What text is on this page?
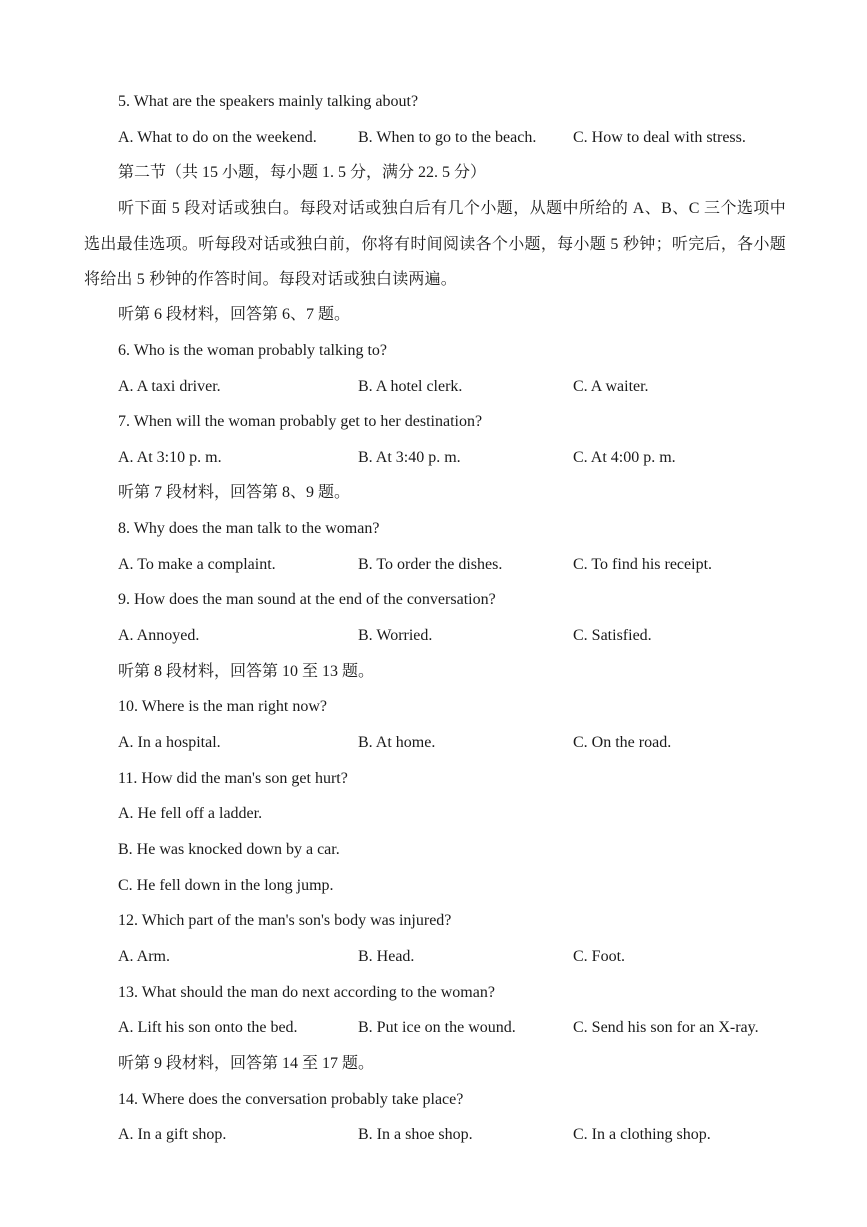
5. What are the speakers mainly talking about?
A. What to do on the weekend.	B. When to go to the beach. C. How to deal with stress.
第二节（共 15 小题，每小题 1. 5 分，满分 22. 5 分）
听下面 5 段对话或独白。每段对话或独白后有几个小题，从题中所给的 A、B、C 三个选项中选出最佳选项。听每段对话或独白前，你将有时间阅读各个小题，每小题 5 秒钟；听完后，各小题将给出 5 秒钟的作答时间。每段对话或独白读两遍。
听第 6 段材料，回答第 6、7 题。
6. Who is the woman probably talking to?
A. A taxi driver.	B. A hotel clerk.	C. A waiter.
7. When will the woman probably get to her destination?
A. At 3:10 p. m.	B. At 3:40 p. m.	C. At 4:00 p. m.
听第 7 段材料，回答第 8、9 题。
8. Why does the man talk to the woman?
A. To make a complaint.	B. To order the dishes.	C. To find his receipt.
9. How does the man sound at the end of the conversation?
A. Annoyed.	B. Worried.	C. Satisfied.
听第 8 段材料，回答第 10 至 13 题。
10. Where is the man right now?
A. In a hospital.	B. At home.	C. On the road.
11. How did the man's son get hurt?
A. He fell off a ladder.
B. He was knocked down by a car.
C. He fell down in the long jump.
12. Which part of the man's son's body was injured?
A. Arm.	B. Head.	C. Foot.
13. What should the man do next according to the woman?
A. Lift his son onto the bed.	B. Put ice on the wound.	C. Send his son for an X-ray.
听第 9 段材料，回答第 14 至 17 题。
14. Where does the conversation probably take place?
A. In a gift shop.	B. In a shoe shop.	C. In a clothing shop.
